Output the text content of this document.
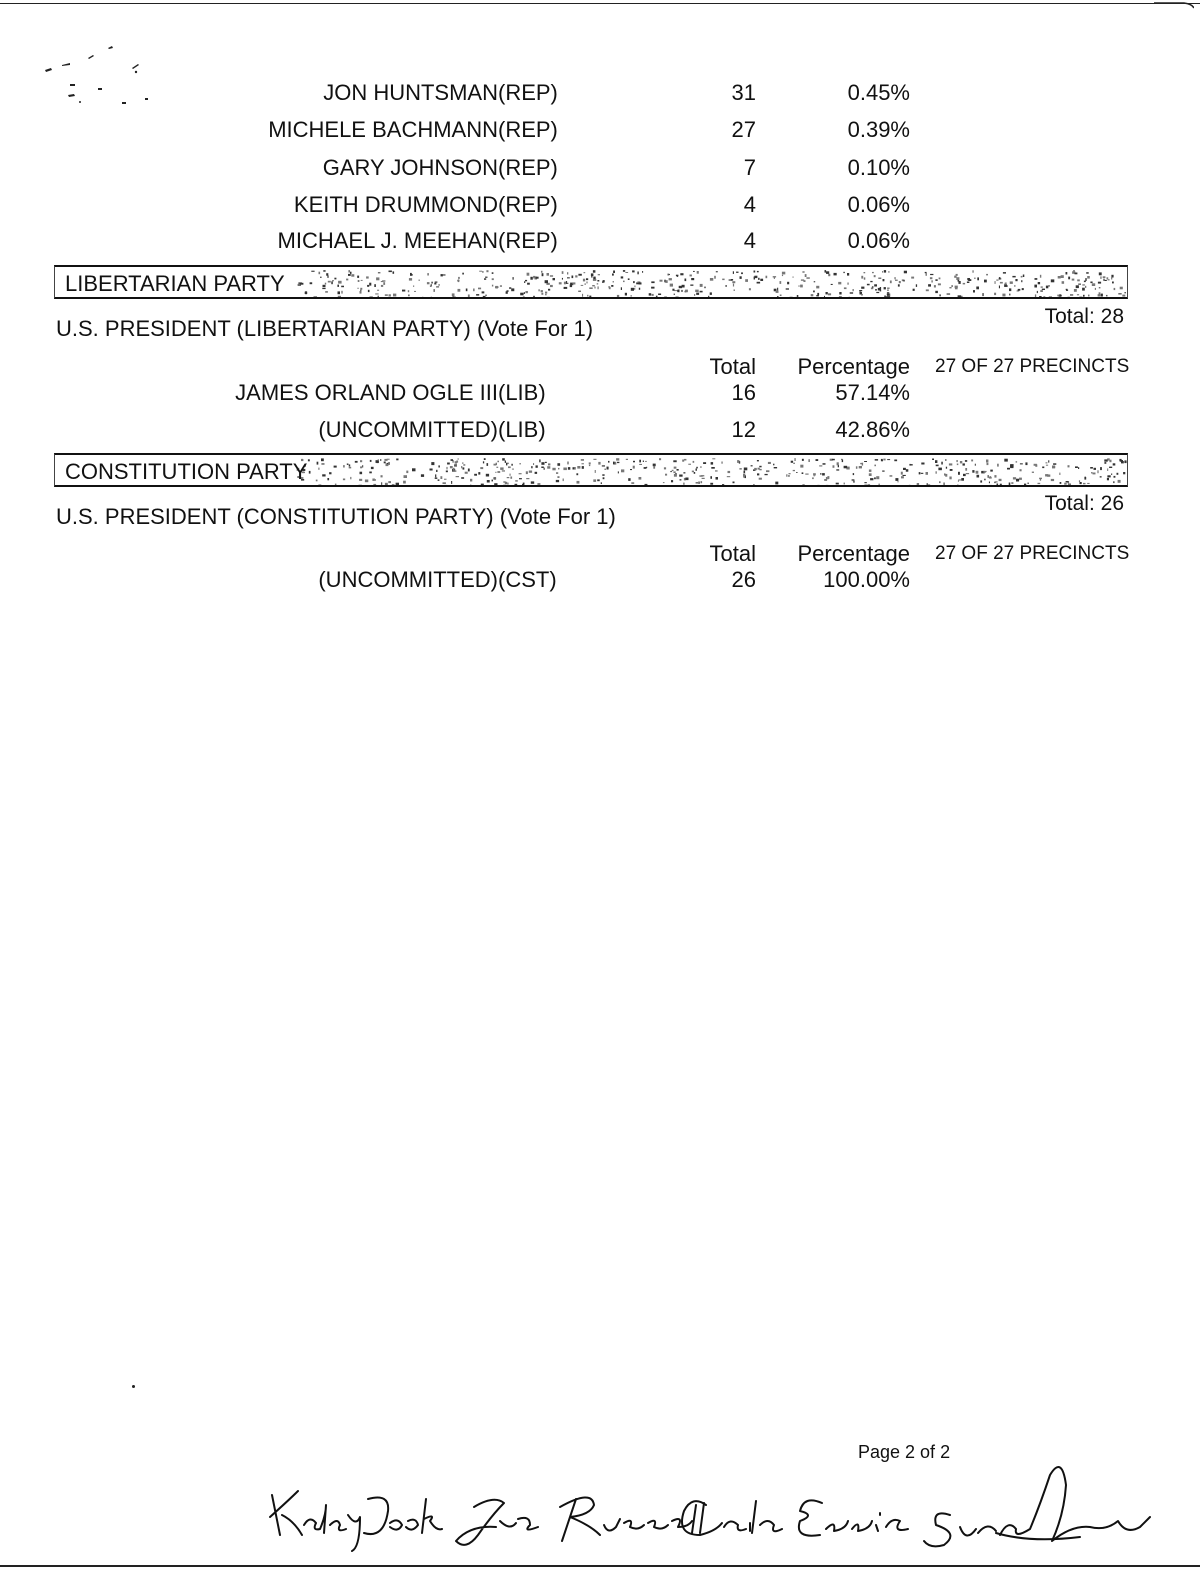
JON HUNTSMAN (REP)	31	0.45%
MICHELE BACHMANN (REP)	27	0.39%
GARY JOHNSON (REP)	7	0.10%
KEITH DRUMMOND (REP)	4	0.06%
MICHAEL J. MEEHAN (REP)	4	0.06%
LIBERTARIAN PARTY
U.S. PRESIDENT (LIBERTARIAN PARTY) (Vote For 1)	Total: 28
Total Percentage 27 OF 27 PRECINCTS
JAMES ORLAND OGLE III (LIB)	16	57.14%
(UNCOMMITTED) (LIB)	12	42.86%
CONSTITUTION PARTY
U.S. PRESIDENT (CONSTITUTION PARTY) (Vote For 1)
Total: 26
Total Percentage 27 OF 27 PRECINCTS
(UNCOMMITTED) (CST)	26	100.00%
Page 2 of 2
